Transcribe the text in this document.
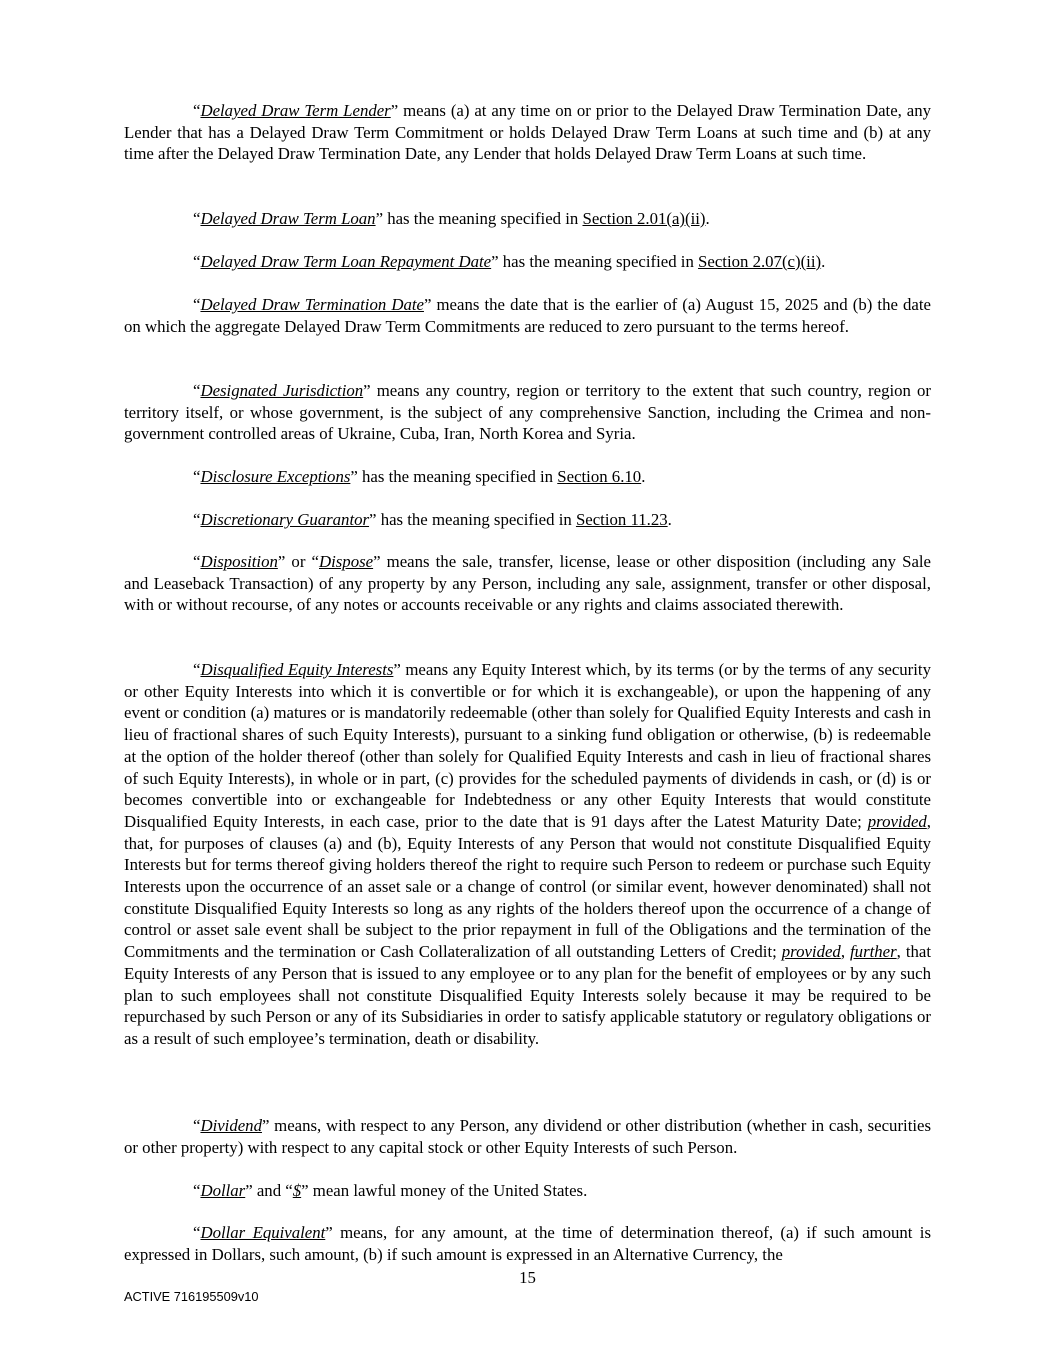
“Delayed Draw Term Lender” means (a) at any time on or prior to the Delayed Draw Termination Date, any Lender that has a Delayed Draw Term Commitment or holds Delayed Draw Term Loans at such time and (b) at any time after the Delayed Draw Termination Date, any Lender that holds Delayed Draw Term Loans at such time.

“Delayed Draw Term Loan” has the meaning specified in Section 2.01(a)(ii).

“Delayed Draw Term Loan Repayment Date” has the meaning specified in Section 2.07(c)(ii).

“Delayed Draw Termination Date” means the date that is the earlier of (a) August 15, 2025 and (b) the date on which the aggregate Delayed Draw Term Commitments are reduced to zero pursuant to the terms hereof.

“Designated Jurisdiction” means any country, region or territory to the extent that such country, region or territory itself, or whose government, is the subject of any comprehensive Sanction, including the Crimea and non-government controlled areas of Ukraine, Cuba, Iran, North Korea and Syria.

“Disclosure Exceptions” has the meaning specified in Section 6.10.

“Discretionary Guarantor” has the meaning specified in Section 11.23.

“Disposition” or “Dispose” means the sale, transfer, license, lease or other disposition (including any Sale and Leaseback Transaction) of any property by any Person, including any sale, assignment, transfer or other disposal, with or without recourse, of any notes or accounts receivable or any rights and claims associated therewith.

“Disqualified Equity Interests” means any Equity Interest which, by its terms (or by the terms of any security or other Equity Interests into which it is convertible or for which it is exchangeable), or upon the happening of any event or condition (a) matures or is mandatorily redeemable (other than solely for Qualified Equity Interests and cash in lieu of fractional shares of such Equity Interests), pursuant to a sinking fund obligation or otherwise, (b) is redeemable at the option of the holder thereof (other than solely for Qualified Equity Interests and cash in lieu of fractional shares of such Equity Interests), in whole or in part, (c) provides for the scheduled payments of dividends in cash, or (d) is or becomes convertible into or exchangeable for Indebtedness or any other Equity Interests that would constitute Disqualified Equity Interests, in each case, prior to the date that is 91 days after the Latest Maturity Date; provided, that, for purposes of clauses (a) and (b), Equity Interests of any Person that would not constitute Disqualified Equity Interests but for terms thereof giving holders thereof the right to require such Person to redeem or purchase such Equity Interests upon the occurrence of an asset sale or a change of control (or similar event, however denominated) shall not constitute Disqualified Equity Interests so long as any rights of the holders thereof upon the occurrence of a change of control or asset sale event shall be subject to the prior repayment in full of the Obligations and the termination of the Commitments and the termination or Cash Collateralization of all outstanding Letters of Credit; provided, further, that Equity Interests of any Person that is issued to any employee or to any plan for the benefit of employees or by any such plan to such employees shall not constitute Disqualified Equity Interests solely because it may be required to be repurchased by such Person or any of its Subsidiaries in order to satisfy applicable statutory or regulatory obligations or as a result of such employee’s termination, death or disability.

“Dividend” means, with respect to any Person, any dividend or other distribution (whether in cash, securities or other property) with respect to any capital stock or other Equity Interests of such Person.

“Dollar” and “$” mean lawful money of the United States.

“Dollar Equivalent” means, for any amount, at the time of determination thereof, (a) if such amount is expressed in Dollars, such amount, (b) if such amount is expressed in an Alternative Currency, the

15
ACTIVE 716195509v10
